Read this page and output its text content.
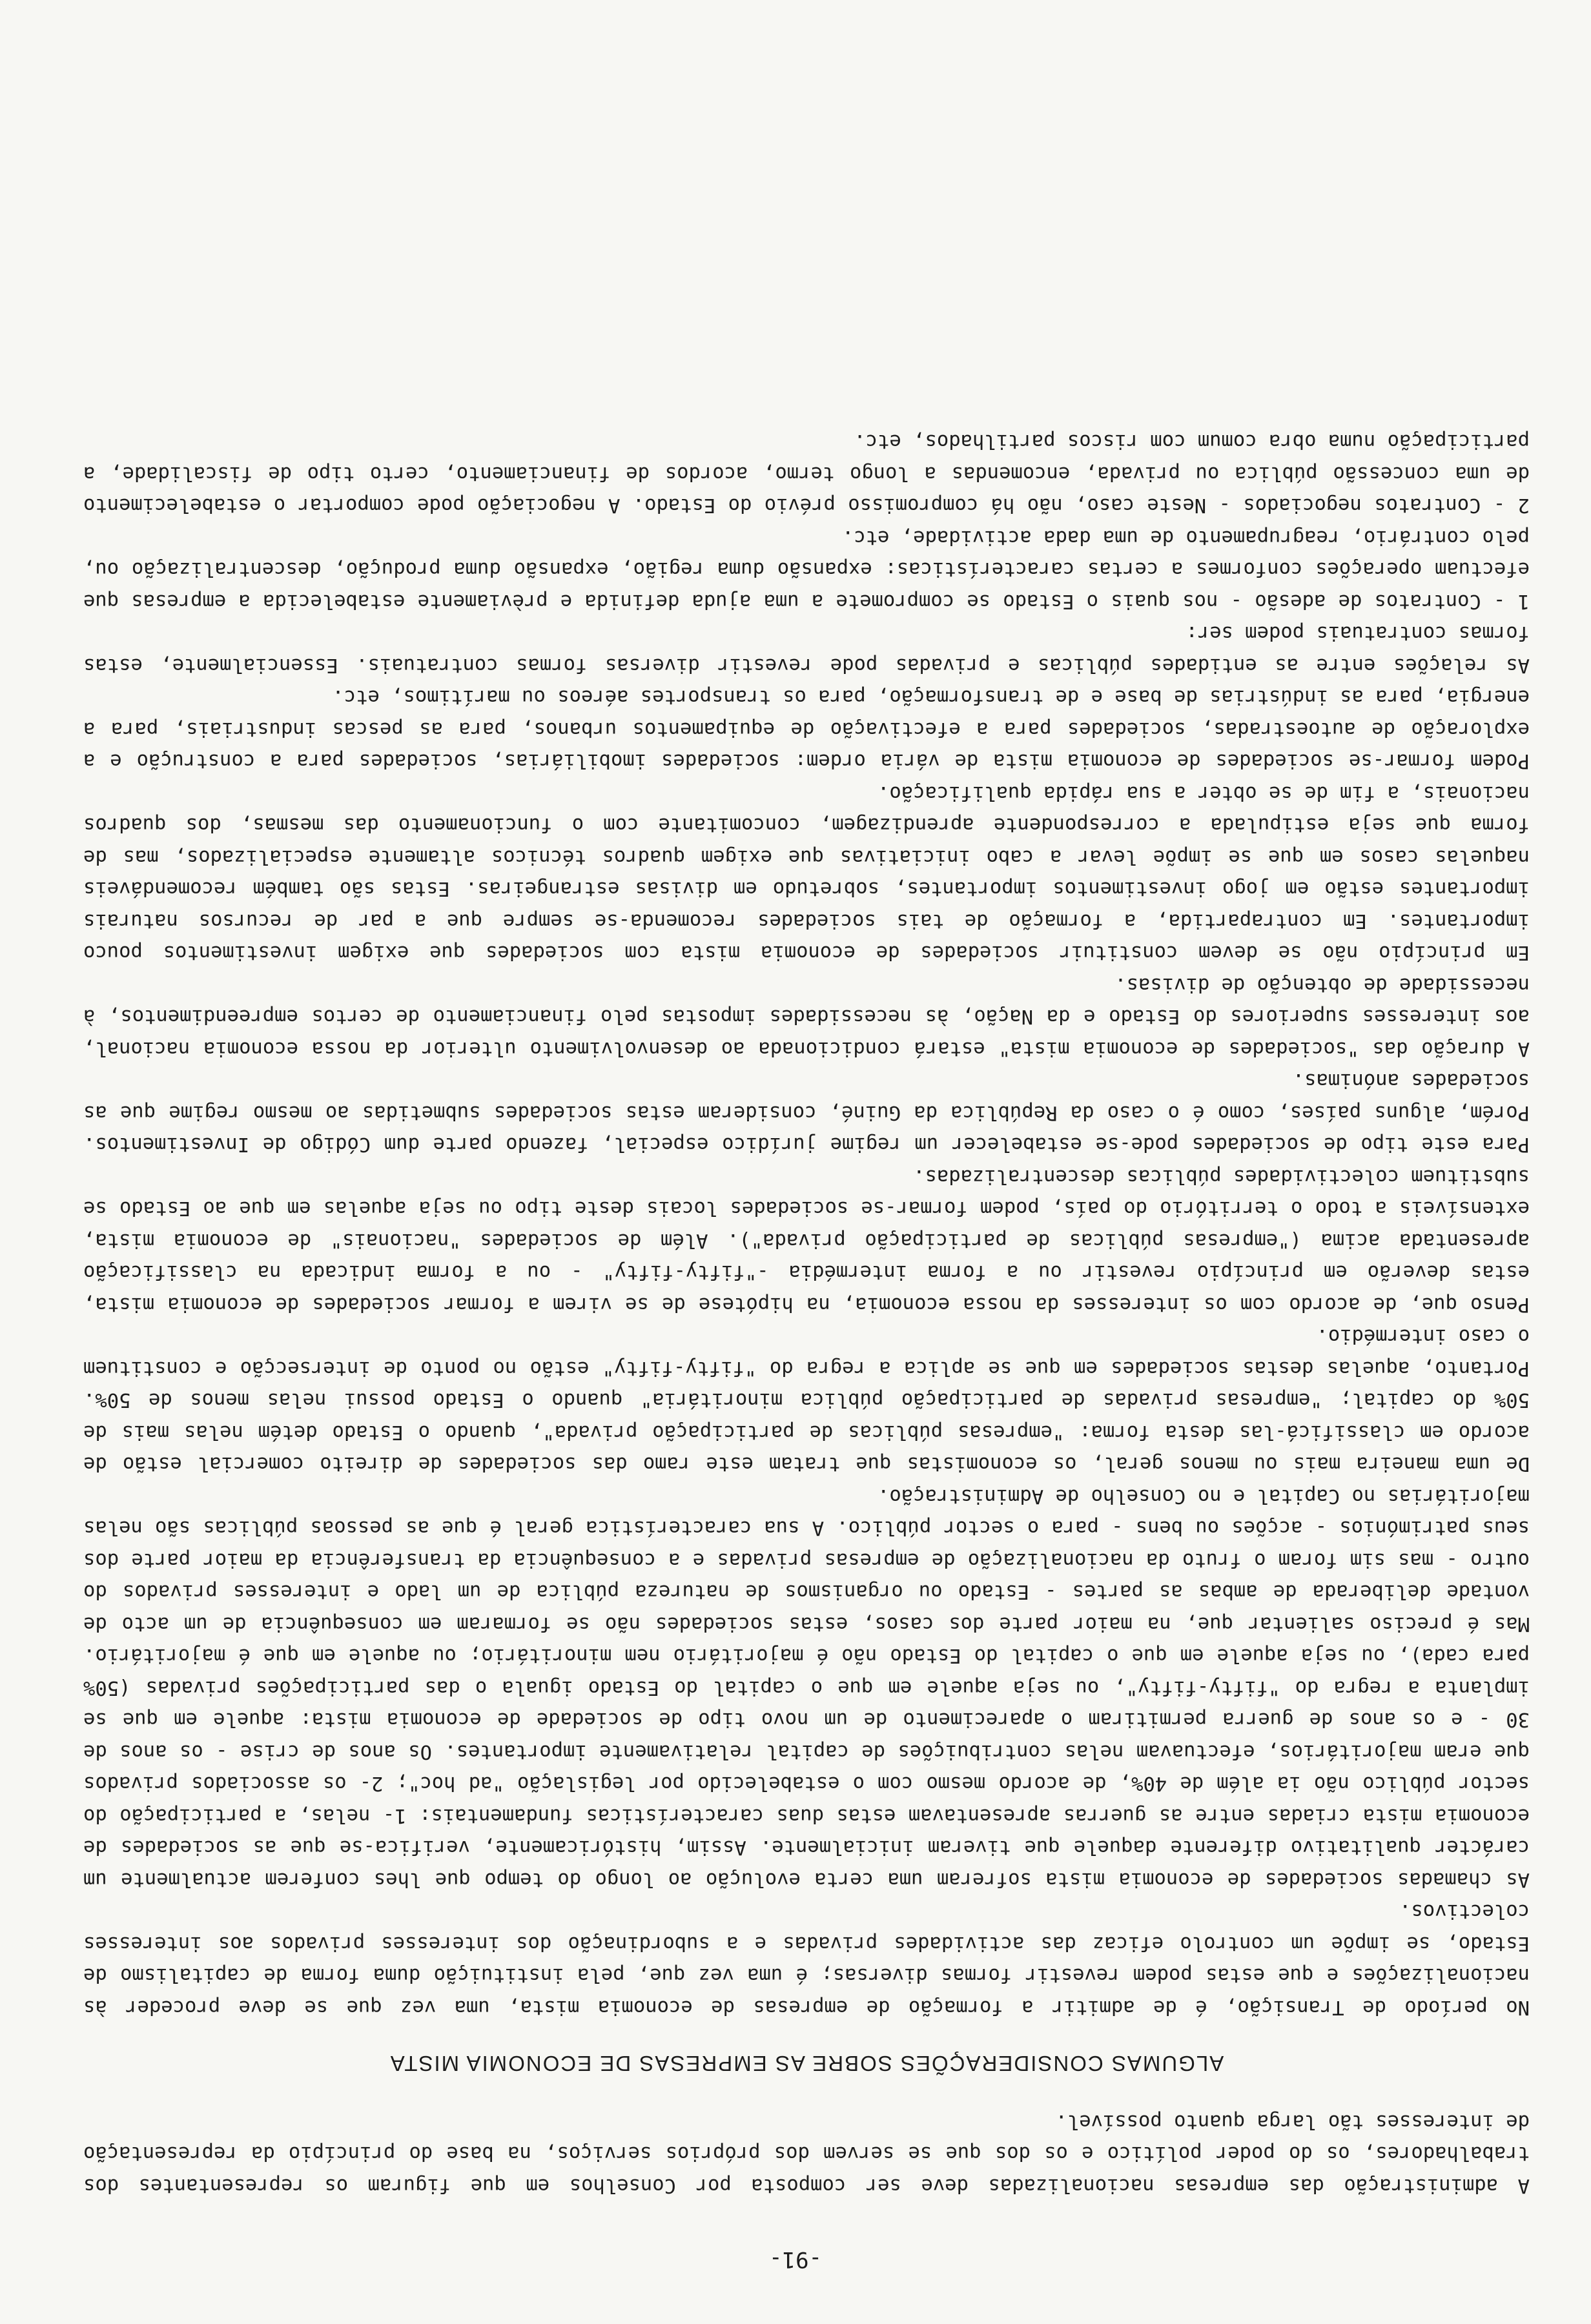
-91-

A administração das empresas nacionalizadas deve ser composta por Conselhos em que figuram os representantes dos trabalhadores, os do poder político e os dos que se servem dos próprios serviços, na base do princípio da representação de interesses tão larga quanto possível.

ALGUMAS CONSIDERAÇÕES SOBRE AS EMPRESAS DE ECONOMIA MISTA

No período de Transição, é de admitir a formação de empresas de economia mista, uma vez que se deve proceder às nacionalizações e que estas podem revestir formas diversas; é uma vez que, pela instituição duma forma de capitalismo de Estado, se impõe um controlo eficaz das actividades privadas e a subordinação dos interesses privados aos interesses colectivos.

As chamadas sociedades de economia mista sofreram uma certa evolução ao longo do tempo que lhes conferem actualmente um carácter qualitativo diferente daquele que tiveram inicialmente. Assim, históricamente, verifica-se que as sociedades de economia mista criadas entre as guerras apresentavam estas duas características fundamentais: 1- nelas, a participação do sector público não ia além de 40%, de acordo mesmo com o estabelecido por legislação "ad hoc"; 2- os associados privados que eram majoritários, efectuavam nelas contribuições de capital relativamente importantes. Os anos de crise - os anos de 30 - e os anos de guerra permitiram o aparecimento de um novo tipo de sociedade de economia mista: aquele em que se implanta a regra do "fifty-fifty", ou seja aquele em que o capital do Estado iguala o das participações privadas (50% para cada), ou seja aquele em que o capital do Estado não é majoritário nem minoritário; ou aquele em que é majoritário. Mas é preciso salientar que, na maior parte dos casos, estas sociedades não se formaram em consequência de um acto de vontade deliberada de ambas as partes - Estado ou organismos de natureza pública de um lado e interesses privados do outro - mas sim foram o fruto da nacionalização de empresas privadas e a consequência da transferência da maior parte dos seus patrimónios - acções ou bens - para o sector público. A sua característica geral é que as pessoas públicas são nelas majoritárias no Capital e no Conselho de Administração.

De uma maneira mais ou menos geral, os economistas que tratam este ramo das sociedades de direito comercial estão de acordo em classificá-las desta forma: "empresas públicas de participação privada", quando o Estado detém nelas mais de 50% do capital; "empresas privadas de participação pública minoritária" quando o Estado possui nelas menos de 50%. Portanto, aquelas destas sociedades em que se aplica a regra do "fifty-fifty" estão no ponto de intersecção e constituem o caso intermédio.

Penso que, de acordo com os interesses da nossa economia, na hipótese de se virem a formar sociedades de economia mista, estas deverão em princípio revestir ou a forma intermédia -"fifty-fifty" - ou a forma indicada na classificação apresentada acima ("empresas públicas de participação privada"). Além de sociedades "nacionais" de economia mista, extensíveis a todo o território do país, podem formar-se sociedades locais deste tipo ou seja aquelas em que ao Estado se substituem colectividades públicas descentralizadas.

Para este tipo de sociedades pode-se estabelecer um regime jurídico especial, fazendo parte dum Código de Investimentos. Porém, alguns países, como é o caso da República da Guiné, consideram estas sociedades submetidas ao mesmo regime que as sociedades anónimas.

A duração das "sociedades de economia mista" estará condicionada ao desenvolvimento ulterior da nossa economia nacional, aos interesses superiores do Estado e da Nação, às necessidades impostas pelo financiamento de certos empreendimentos, à necessidade de obtenção de divisas.

Em princípio não se devem constituir sociedades de economia mista com sociedades que exigem investimentos pouco importantes. Em contrapartida, a formação de tais sociedades recomenda-se sempre que a par de recursos naturais importantes estão em jogo investimentos importantes, sobretudo em divisas estrangeiras. Estas são também recomendáveis naquelas casos em que se impõe levar a cabo iniciativas que exigem quadros técnicos altamente especializados, mas de forma que seja estipulada a correspondente aprendizagem, concomitante com o funcionamento das mesmas, dos quadros nacionais, a fim de se obter a sua rápida qualificação.

Podem formar-se sociedades de economia mista de vária ordem: sociedades imobiliárias, sociedades para a construção e a exploração de autoestradas, sociedades para a efectivação de equipamentos urbanos, para as pescas industriais, para a energia, para as indústrias de base e de transformação, para os transportes aéreos ou marítimos, etc.

As relações entre as entidades públicas e privadas pode revestir diversas formas contratuais. Essencialmente, estas formas contratuais podem ser:

1 - Contratos de adesão - nos quais o Estado se compromete a uma ajuda definida e prèviamente estabelecida a empresas que efectuam operações conformes a certas características: expansão duma região, expansão duma produção, descentralização ou, pelo contrário, reagrupamento de uma dada actividade, etc.

2 - Contratos negociados - Neste caso, não há compromisso prévio do Estado. A negociação pode comportar o estabelecimento de uma concessão pública ou privada, encomendas a longo termo, acordos de financiamento, certo tipo de fiscalidade, a participação numa obra comum com riscos partilhados, etc.
